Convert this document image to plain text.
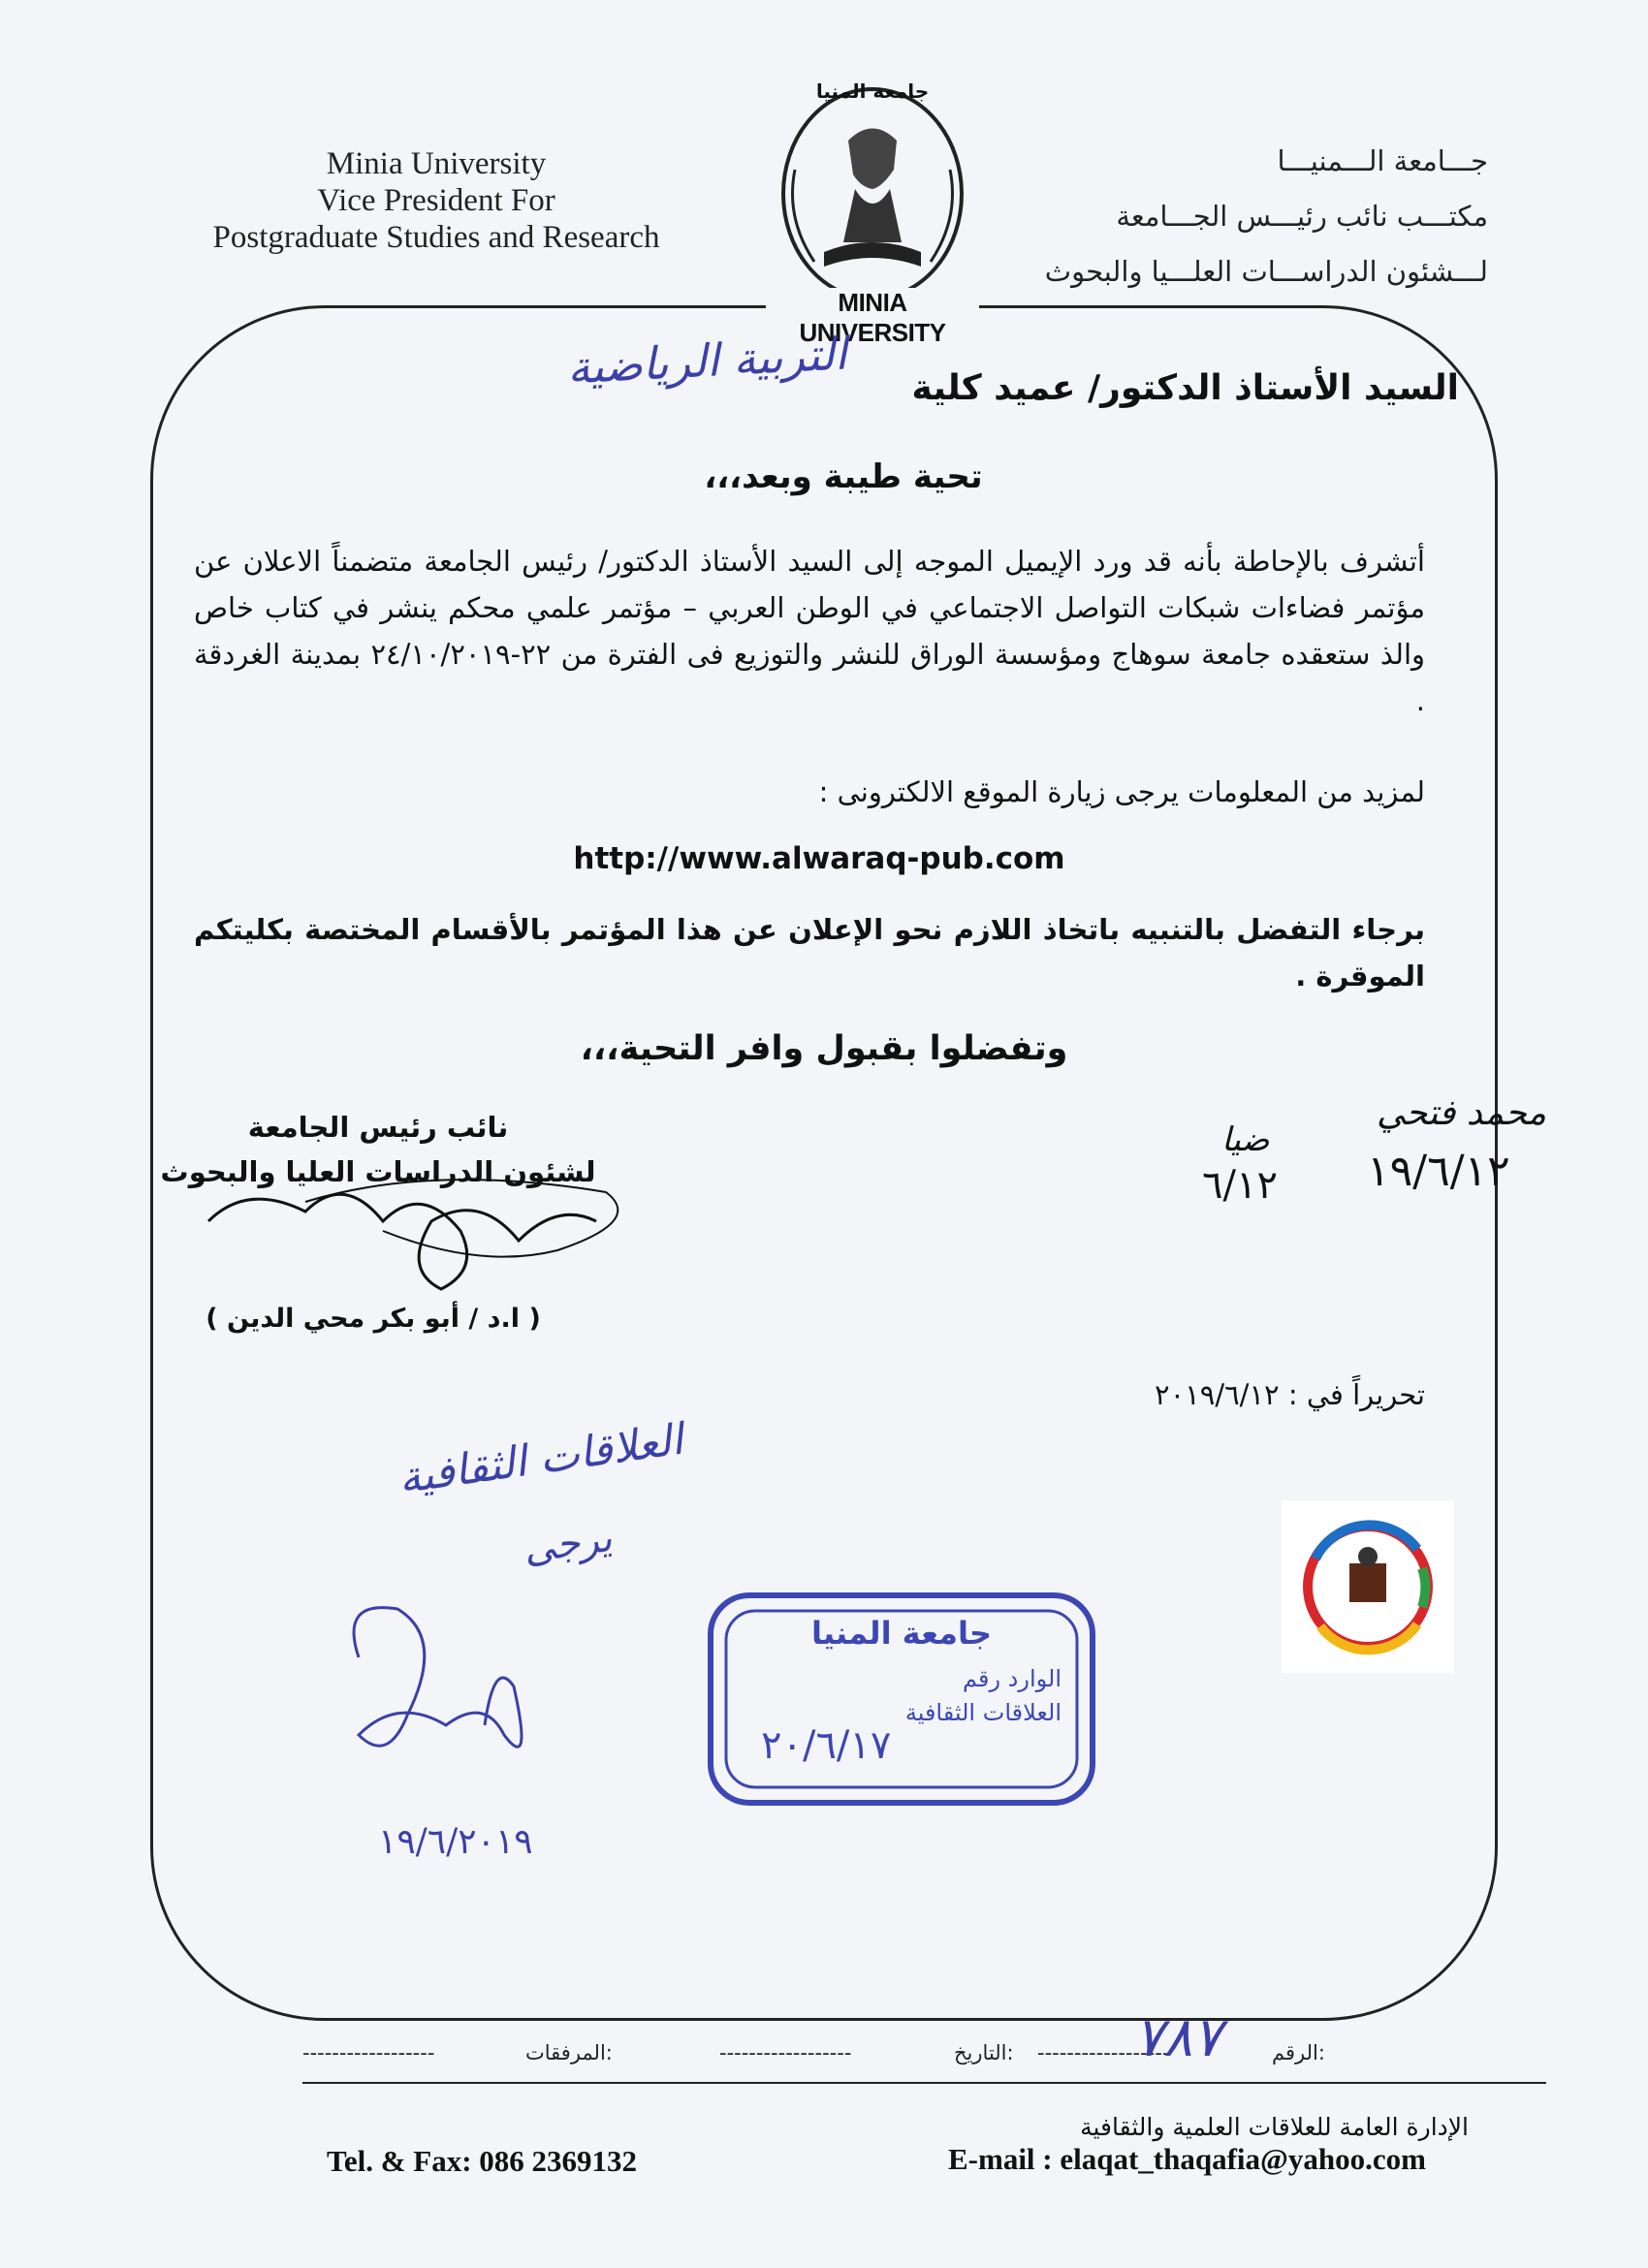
Minia University
Vice President For
Postgraduate Studies and Research
جـــامعة الـــمنيـــا
مكتـــب نائب رئيـــس الجـــامعة
لـــشئون الدراســـات العلـــيا والبحوث
جامعة المنيا
MINIA UNIVERSITY
السيد الأستاذ الدكتور/ عميد كلية
التربية الرياضية
تحية طيبة وبعد،،،
أتشرف بالإحاطة بأنه قد ورد الإيميل الموجه إلى السيد الأستاذ الدكتور/ رئيس الجامعة متضمناً الاعلان عن مؤتمر فضاءات شبكات التواصل الاجتماعي في الوطن العربي – مؤتمر علمي محكم ينشر في كتاب خاص والذ ستعقده جامعة سوهاج ومؤسسة الوراق للنشر والتوزيع فى الفترة من ٢٢-٢٤/١٠/٢٠١٩ بمدينة الغردقة .
لمزيد من المعلومات يرجى زيارة الموقع الالكترونى :
http://www.alwaraq-pub.com
برجاء التفضل بالتنبيه باتخاذ اللازم نحو الإعلان عن هذا المؤتمر بالأقسام المختصة بكليتكم الموقرة .
وتفضلوا بقبول وافر التحية،،،
نائب رئيس الجامعة
لشئون الدراسات العليا والبحوث
( ا.د / أبو بكر محي الدين )
محمد فتحي
١٩/٦/١٢
ضيا
٦/١٢
تحريراً في : ٢٠١٩/٦/١٢
العلاقات الثقافية
يرجى
١٩/٦/٢٠١٩
جامعة المنيا
الوارد رقم
العلاقات الثقافية
٢٠/٦/١٧
------------------	المرفقات:	------------------	التاريخ: ------------------	الرقم:
٧٨٧
الإدارة العامة للعلاقات العلمية والثقافية
E-mail : elaqat_thaqafia@yahoo.com
Tel. & Fax: 086 2369132
